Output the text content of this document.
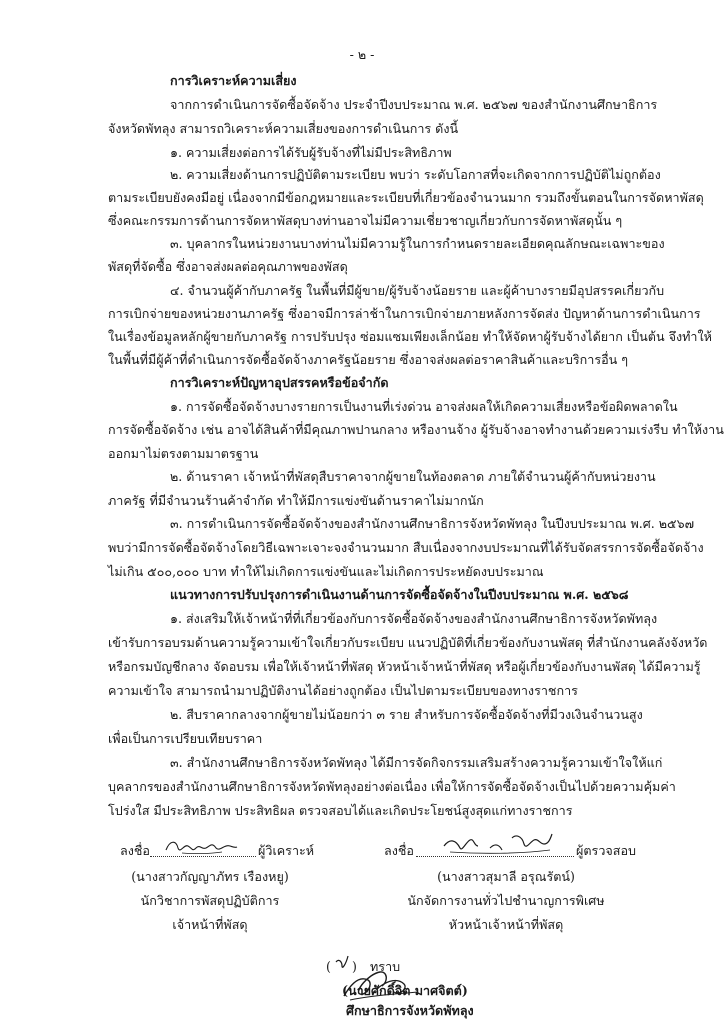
- ๒ -
การวิเคราะห์ความเสี่ยง
จากการดำเนินการจัดซื้อจัดจ้าง ประจำปีงบประมาณ พ.ศ. ๒๕๖๗ ของสำนักงานศึกษาธิการ
จังหวัดพัทลุง สามารถวิเคราะห์ความเสี่ยงของการดำเนินการ ดังนี้
๑. ความเสี่ยงต่อการได้รับผู้รับจ้างที่ไม่มีประสิทธิภาพ
๒. ความเสี่ยงด้านการปฏิบัติตามระเบียบ พบว่า ระดับโอกาสที่จะเกิดจากการปฏิบัติไม่ถูกต้อง
ตามระเบียบยังคงมีอยู่ เนื่องจากมีข้อกฎหมายและระเบียบที่เกี่ยวข้องจำนวนมาก รวมถึงขั้นตอนในการจัดหาพัสดุ
ซึ่งคณะกรรมการด้านการจัดหาพัสดุบางท่านอาจไม่มีความเชี่ยวชาญเกี่ยวกับการจัดหาพัสดุนั้น ๆ
๓. บุคลากรในหน่วยงานบางท่านไม่มีความรู้ในการกำหนดรายละเอียดคุณลักษณะเฉพาะของ
พัสดุที่จัดซื้อ ซึ่งอาจส่งผลต่อคุณภาพของพัสดุ
๔. จำนวนผู้ค้ากับภาครัฐ ในพื้นที่มีผู้ขาย/ผู้รับจ้างน้อยราย และผู้ค้าบางรายมีอุปสรรคเกี่ยวกับ
การเบิกจ่ายของหน่วยงานภาครัฐ ซึ่งอาจมีการล่าช้าในการเบิกจ่ายภายหลังการจัดส่ง ปัญหาด้านการดำเนินการ
ในเรื่องข้อมูลหลักผู้ขายกับภาครัฐ การปรับปรุง ซ่อมแซมเพียงเล็กน้อย ทำให้จัดหาผู้รับจ้างได้ยาก เป็นต้น จึงทำให้
ในพื้นที่มีผู้ค้าที่ดำเนินการจัดซื้อจัดจ้างภาครัฐน้อยราย ซึ่งอาจส่งผลต่อราคาสินค้าและบริการอื่น ๆ
การวิเคราะห์ปัญหาอุปสรรคหรือข้อจำกัด
๑. การจัดซื้อจัดจ้างบางรายการเป็นงานที่เร่งด่วน อาจส่งผลให้เกิดความเสี่ยงหรือข้อผิดพลาดใน
การจัดซื้อจัดจ้าง เช่น อาจได้สินค้าที่มีคุณภาพปานกลาง หรืองานจ้าง ผู้รับจ้างอาจทำงานด้วยความเร่งรีบ ทำให้งาน
ออกมาไม่ตรงตามมาตรฐาน
๒. ด้านราคา เจ้าหน้าที่พัสดุสืบราคาจากผู้ขายในท้องตลาด ภายใต้จำนวนผู้ค้ากับหน่วยงาน
ภาครัฐ ที่มีจำนวนร้านค้าจำกัด ทำให้มีการแข่งขันด้านราคาไม่มากนัก
๓. การดำเนินการจัดซื้อจัดจ้างของสำนักงานศึกษาธิการจังหวัดพัทลุง ในปีงบประมาณ พ.ศ. ๒๕๖๗
พบว่ามีการจัดซื้อจัดจ้างโดยวิธีเฉพาะเจาะจงจำนวนมาก สืบเนื่องจากงบประมาณที่ได้รับจัดสรรการจัดซื้อจัดจ้าง
ไม่เกิน ๕๐๐,๐๐๐ บาท ทำให้ไม่เกิดการแข่งขันและไม่เกิดการประหยัดงบประมาณ
แนวทางการปรับปรุงการดำเนินงานด้านการจัดซื้อจัดจ้างในปีงบประมาณ พ.ศ. ๒๕๖๘
๑. ส่งเสริมให้เจ้าหน้าที่ที่เกี่ยวข้องกับการจัดซื้อจัดจ้างของสำนักงานศึกษาธิการจังหวัดพัทลุง
เข้ารับการอบรมด้านความรู้ความเข้าใจเกี่ยวกับระเบียบ แนวปฏิบัติที่เกี่ยวข้องกับงานพัสดุ ที่สำนักงานคลังจังหวัด
หรือกรมบัญชีกลาง จัดอบรม เพื่อให้เจ้าหน้าที่พัสดุ หัวหน้าเจ้าหน้าที่พัสดุ หรือผู้เกี่ยวข้องกับงานพัสดุ ได้มีความรู้
ความเข้าใจ สามารถนำมาปฏิบัติงานได้อย่างถูกต้อง เป็นไปตามระเบียบของทางราชการ
๒. สืบราคากลางจากผู้ขายไม่น้อยกว่า ๓ ราย สำหรับการจัดซื้อจัดจ้างที่มีวงเงินจำนวนสูง
เพื่อเป็นการเปรียบเทียบราคา
๓. สำนักงานศึกษาธิการจังหวัดพัทลุง ได้มีการจัดกิจกรรมเสริมสร้างความรู้ความเข้าใจให้แก่
บุคลากรของสำนักงานศึกษาธิการจังหวัดพัทลุงอย่างต่อเนื่อง เพื่อให้การจัดซื้อจัดจ้างเป็นไปด้วยความคุ้มค่า
โปร่งใส มีประสิทธิภาพ ประสิทธิผล ตรวจสอบได้และเกิดประโยชน์สูงสุดแก่ทางราชการ
ลงชื่อ	ผู้วิเคราะห์
(นางสาวกัญญาภัทร เรืองหยู)
นักวิชาการพัสดุปฏิบัติการ
เจ้าหน้าที่พัสดุ
ลงชื่อ	ผู้ตรวจสอบ
(นางสาวสุมาลี อรุณรัตน์)
นักจัดการงานทั่วไปชำนาญการพิเศษ
หัวหน้าเจ้าหน้าที่พัสดุ
( ) ทราบ
(นายศักดิ์จิต มาศจิตต์)
ศึกษาธิการจังหวัดพัทลุง
